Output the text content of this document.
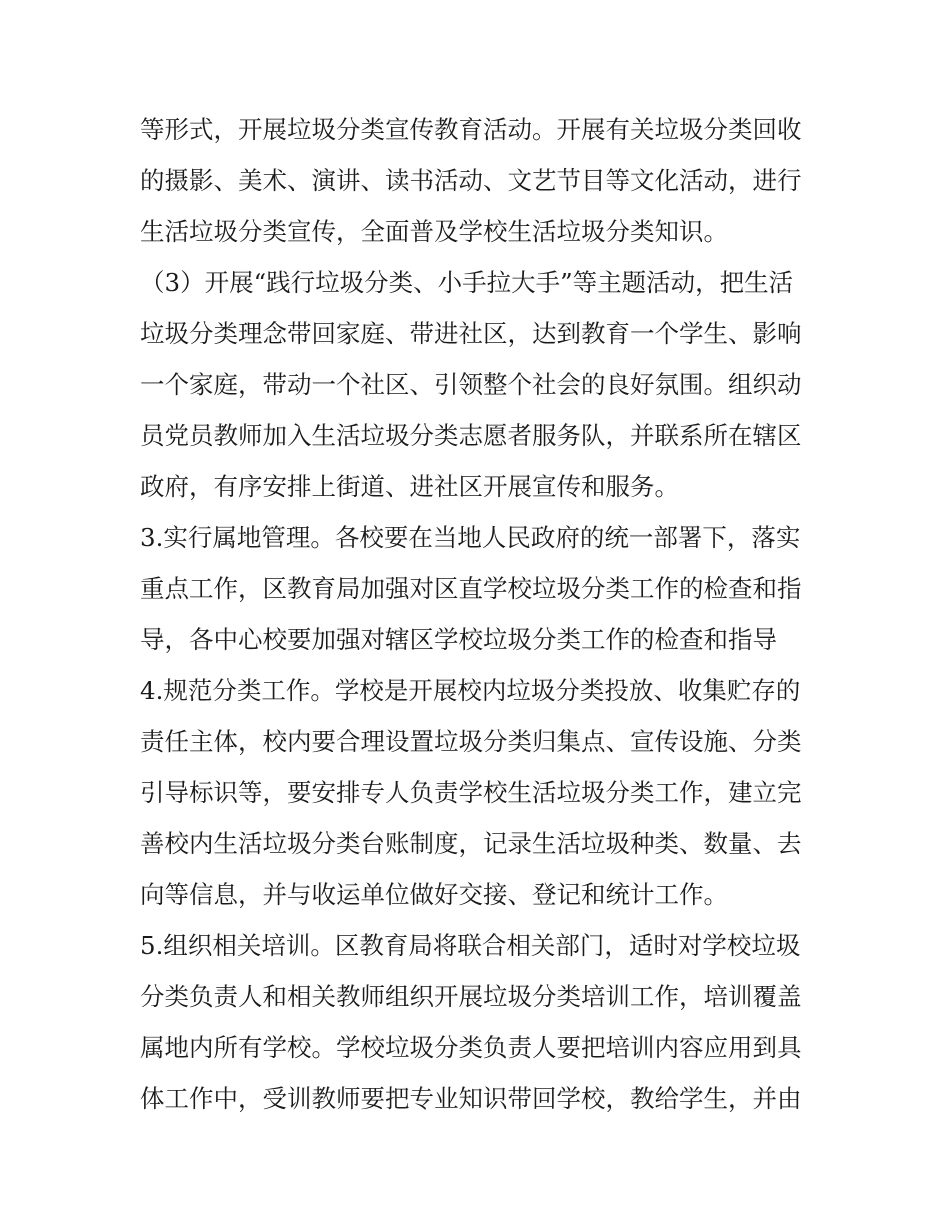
等形式，开展垃圾分类宣传教育活动。开展有关垃圾分类回收
的摄影、美术、演讲、读书活动、文艺节目等文化活动，进行
生活垃圾分类宣传，全面普及学校生活垃圾分类知识。
（3）开展“践行垃圾分类、小手拉大手”等主题活动，把生活
垃圾分类理念带回家庭、带进社区，达到教育一个学生、影响
一个家庭，带动一个社区、引领整个社会的良好氛围。组织动
员党员教师加入生活垃圾分类志愿者服务队，并联系所在辖区
政府，有序安排上街道、进社区开展宣传和服务。
3.实行属地管理。各校要在当地人民政府的统一部署下，落实
重点工作，区教育局加强对区直学校垃圾分类工作的检查和指
导，各中心校要加强对辖区学校垃圾分类工作的检查和指导
4.规范分类工作。学校是开展校内垃圾分类投放、收集贮存的
责任主体，校内要合理设置垃圾分类归集点、宣传设施、分类
引导标识等，要安排专人负责学校生活垃圾分类工作，建立完
善校内生活垃圾分类台账制度，记录生活垃圾种类、数量、去
向等信息，并与收运单位做好交接、登记和统计工作。
5.组织相关培训。区教育局将联合相关部门，适时对学校垃圾
分类负责人和相关教师组织开展垃圾分类培训工作，培训覆盖
属地内所有学校。学校垃圾分类负责人要把培训内容应用到具
体工作中，受训教师要把专业知识带回学校，教给学生，并由
